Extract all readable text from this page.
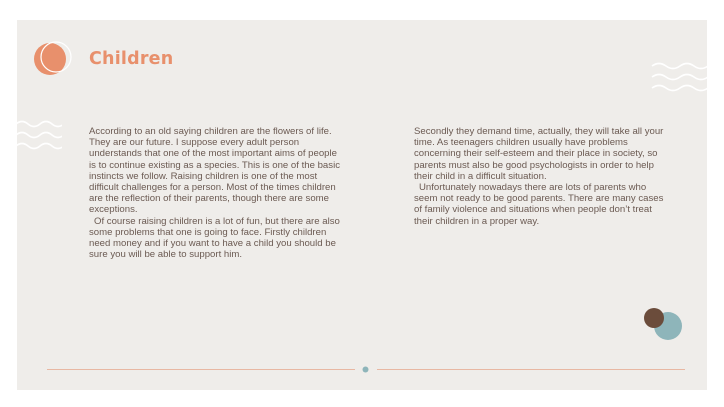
Children

According to an old saying children are the flowers of life. They are our future. I suppose every adult person understands that one of the most important aims of people is to continue existing as a species. This is one of the basic instincts we follow. Raising children is one of the most difficult challenges for a person. Most of the times children are the reflection of their parents, though there are some exceptions.

Of course raising children is a lot of fun, but there are also some problems that one is going to face. Firstly children need money and if you want to have a child you should be sure you will be able to support him.

Secondly they demand time, actually, they will take all your time. As teenagers children usually have problems concerning their self-esteem and their place in society, so parents must also be good psychologists in order to help their child in a difficult situation.

Unfortunately nowadays there are lots of parents who seem not ready to be good parents. There are many cases of family violence and situations when people don’t treat their children in a proper way.
